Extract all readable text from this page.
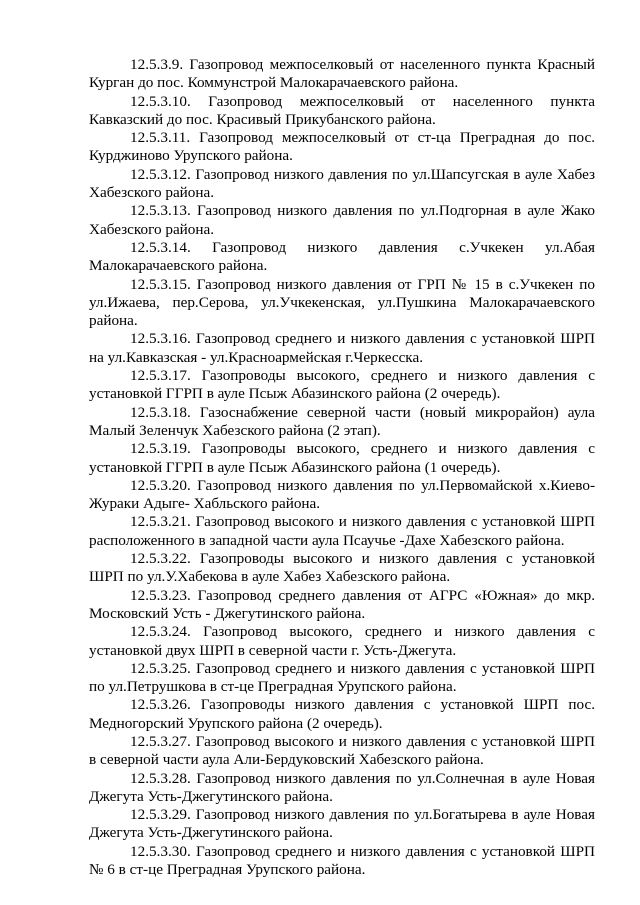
12.5.3.9. Газопровод межпоселковый от населенного пункта Красный Курган до пос. Коммунстрой Малокарачаевского района.

12.5.3.10. Газопровод межпоселковый от населенного пункта Кавказский до пос. Красивый Прикубанского района.

12.5.3.11. Газопровод межпоселковый от ст-ца Преградная до пос. Курджиново Урупского района.

12.5.3.12. Газопровод низкого давления по ул.Шапсугская в ауле Хабез Хабезского района.

12.5.3.13. Газопровод низкого давления по ул.Подгорная в ауле Жако Хабезского района.

12.5.3.14. Газопровод низкого давления с.Учкекен ул.Абая Малокарачаевского района.

12.5.3.15. Газопровод низкого давления от ГРП № 15 в с.Учкекен по ул.Ижаева, пер.Серова, ул.Учкекенская, ул.Пушкина Малокарачаевского района.

12.5.3.16. Газопровод среднего и низкого давления с установкой ШРП на ул.Кавказская - ул.Красноармейская г.Черкесска.

12.5.3.17. Газопроводы высокого, среднего и низкого давления с установкой ГГРП в ауле Псыж Абазинского района (2 очередь).

12.5.3.18. Газоснабжение северной части (новый микрорайон) аула Малый Зеленчук Хабезского района (2 этап).

12.5.3.19. Газопроводы высокого, среднего и низкого давления с установкой ГГРП в ауле Псыж Абазинского района (1 очередь).

12.5.3.20. Газопровод низкого давления по ул.Первомайской х.Киево-Жураки Адыге- Хабльского района.

12.5.3.21. Газопровод высокого и низкого давления с установкой ШРП расположенного в западной части аула Псаучье -Дахе Хабезского района.

12.5.3.22. Газопроводы высокого и низкого давления с установкой ШРП по ул.У.Хабекова в ауле Хабез Хабезского района.

12.5.3.23. Газопровод среднего давления от АГРС «Южная» до мкр. Московский Усть - Джегутинского района.

12.5.3.24. Газопровод высокого, среднего и низкого давления с установкой двух ШРП в северной части г. Усть-Джегута.

12.5.3.25. Газопровод среднего и низкого давления с установкой ШРП по ул.Петрушкова в ст-це Преградная Урупского района.

12.5.3.26. Газопроводы низкого давления с установкой ШРП пос. Медногорский Урупского района (2 очередь).

12.5.3.27. Газопровод высокого и низкого давления с установкой ШРП в северной части аула Али-Бердуковский Хабезского района.

12.5.3.28. Газопровод низкого давления по ул.Солнечная в ауле Новая Джегута Усть-Джегутинского района.

12.5.3.29. Газопровод низкого давления по ул.Богатырева в ауле Новая Джегута Усть-Джегутинского района.

12.5.3.30. Газопровод среднего и низкого давления с установкой ШРП № 6 в ст-це Преградная Урупского района.
